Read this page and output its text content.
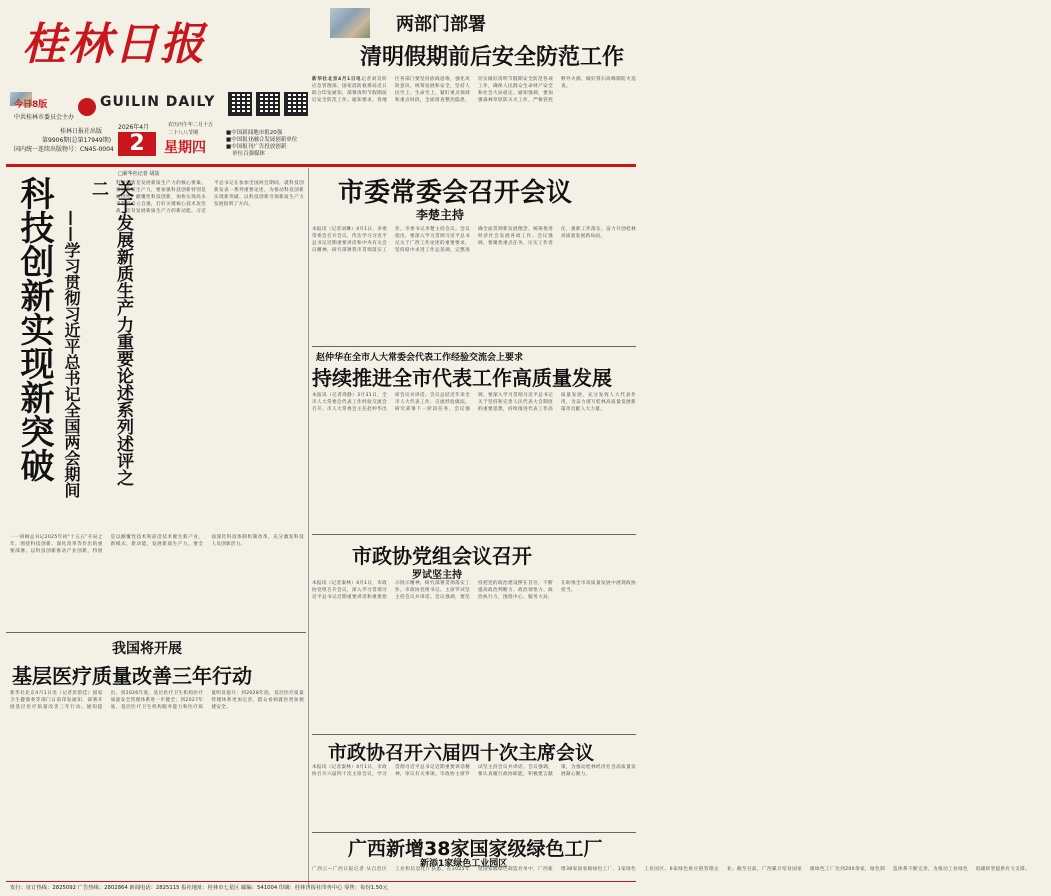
桂林日报
今日8版	GUILIN DAILY
中共桂林市委员会主办
桂林日报社出版
第9906期(总第17949期)
国内统一连续出版物号：CN45-0004
2026年4月	农历丙午年二月十五
二十八八节期
2	星期四
■中国新闻地市报20强
■中国报业融合发展创新单位
■中国报刊广告投放创新
单位百强媒体
两部门部署
清明假期前后安全防范工作
新华社北京4月1日电记者刘昊昕 应急管理部、国家消防救援局近日联合印发通知，部署清明节假期前后安全防范工作。通知要求，各地区各部门要坚持底线思维，强化风险意识，统筹发展和安全，坚持人民至上、生命至上，紧盯重点领域和重点时段，全面排查整治隐患，切实做好清明节假期安全防范各项工作，确保人民群众生命财产安全和社会大局稳定。通知强调，要加强森林草原防灭火工作，严格管控野外火源，做好祭扫高峰期防火巡查。
关于发展新质生产力重要论述系列述评之二
——学习贯彻习近平总书记全国两会期间
科技创新实现新突破
□新华社记者 胡喆
科技创新是发展新质生产力的核心要素。发展新质生产力，要加强科技创新特别是原创性、颠覆性科技创新，加快实现高水平科技自立自强，打好关键核心技术攻坚战，培育发展新质生产力的新动能。习近平总书记在参加全国两会期间，就科技创新发表一系列重要论述，为推动科技创新实现新突破、以科技创新引领新质生产力发展指明了方向。
一一回顾总书记2025年初“十五五”开局之年，围绕科技创新、深化改革等作出的重要部署。以科技创新推动产业创新，特别是以颠覆性技术和前沿技术催生新产业、新模式、新动能，发展新质生产力。要全面深化科技体制机制改革，充分激发科技人员创新活力。
市委常委会召开会议
李楚主持
本报讯（记者刘琳）4月1日，市委常委会召开会议，传达学习习近平总书记近期重要讲话和中央有关会议精神，研究部署我市贯彻落实工作。市委书记李楚主持会议。会议指出，要深入学习贯彻习近平总书记关于广西工作论述的重要要求，坚持稳中求进工作总基调，完整准确全面贯彻新发展理念，统筹推进经济社会发展各项工作。会议强调，要聚焦重点任务，压实工作责任，狠抓工作落实，奋力开创桂林高质量发展新局面。
赵仲华在全市人大常委会代表工作经验交流会上要求
持续推进全市代表工作高质量发展
本报讯（记者周静）3月31日，全市人大常委会代表工作经验交流会召开。市人大常委会主任赵仲华出席会议并讲话。会议总结近年来全市人大代表工作，交流经验做法，研究部署下一阶段任务。会议强调，要深入学习贯彻习近平总书记关于坚持和完善人民代表大会制度的重要思想，持续推进代表工作高质量发展，充分发挥人大代表作用，为奋力谱写桂林高质量发展新篇章贡献人大力量。
市政协党组会议召开
罗试坚主持
本报讯（记者秦林）4月1日，市政协党组召开会议，深入学习贯彻习近平总书记近期重要讲话和重要指示批示精神，研究部署贯彻落实工作。市政协党组书记、主席罗试坚主持会议并讲话。会议强调，要坚持把党的政治建设摆在首位，不断提高政治判断力、政治领悟力、政治执行力，围绕中心、服务大局，在助推全市高质量发展中展现政协担当。
我国将开展
基层医疗质量改善三年行动
新华社北京4月1日电（记者彭韵佳）国家卫生健康委等部门日前印发通知，部署开展基层医疗质量改善三年行动。通知提出，到2026年底，基层医疗卫生机构医疗质量安全管理体系进一步健全；到2027年底，基层医疗卫生机构服务能力和医疗质量明显提升；到2028年底，基层医疗质量管理体系更加完善，群众看病就医更加便捷安全。
市政协召开六届四十次主席会议
本报讯（记者秦林）4月1日，市政协召开六届四十次主席会议，学习贯彻习近平总书记近期重要讲话精神，审议有关事项。市政协主席罗试坚主持会议并讲话。会议强调，要认真履行政协职能，积极建言献策，为推动桂林经济社会高质量发展凝心聚力。
广西新增38家国家级绿色工厂
新添1家绿色工业园区
广西云—广西日报记者 从自治区工业和信息化厅获悉，在2025年度国家级绿色制造名单中，广西新增38家国家级绿色工厂、1家绿色工业园区、6家绿色供应链管理企业。截至目前，广西累计培育国家级绿色工厂达到200余家，绿色制造体系不断完善，为推动工业绿色低碳转型提供有力支撑。
发行：征订热线：2825092 广告热线：2802864 新闻电话：2825115 报社地址：桂林市七星区 邮编：541004 印刷：桂林日报社印务中心 零售：每份1.50元
